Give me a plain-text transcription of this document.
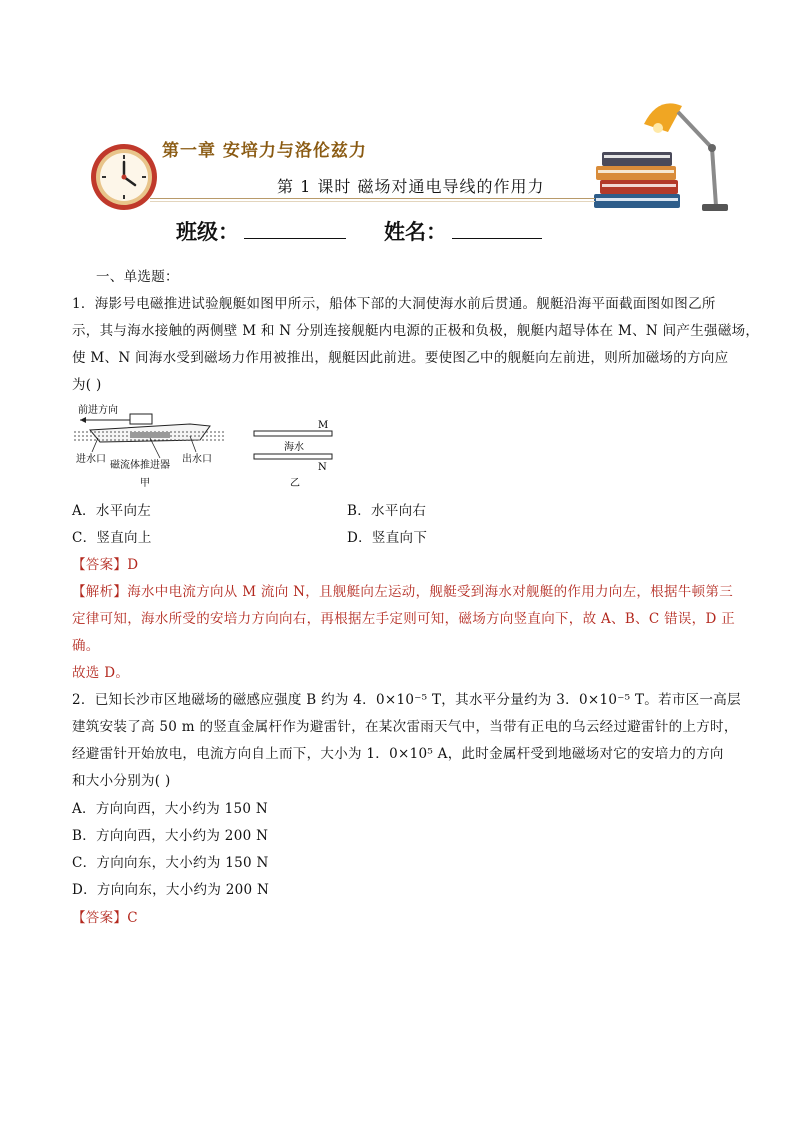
第一章 安培力与洛伦兹力
第 1 课时 磁场对通电导线的作用力
班级：	姓名：
一、单选题：
1．海影号电磁推进试验舰艇如图甲所示，船体下部的大洞使海水前后贯通。舰艇沿海平面截面图如图乙所
示，其与海水接触的两侧壁 M 和 N 分别连接舰艇内电源的正极和负极，舰艇内超导体在 M、N 间产生强磁场，
使 M、N 间海水受到磁场力作用被推出，舰艇因此前进。要使图乙中的舰艇向左前进，则所加磁场的方向应
为( )
前进方向
进水口
磁流体推进器
出水口
甲
M
海水
N
乙
A．水平向左	B．水平向右
C．竖直向上	D．竖直向下
【答案】D
【解析】海水中电流方向从 M 流向 N，且舰艇向左运动，舰艇受到海水对舰艇的作用力向左，根据牛顿第三
定律可知，海水所受的安培力方向向右，再根据左手定则可知，磁场方向竖直向下，故 A、B、C 错误，D 正
确。
故选 D。
2．已知长沙市区地磁场的磁感应强度 B 约为 4．0×10⁻⁵ T，其水平分量约为 3．0×10⁻⁵ T。若市区一高层
建筑安装了高 50 m 的竖直金属杆作为避雷针，在某次雷雨天气中，当带有正电的乌云经过避雷针的上方时，
经避雷针开始放电，电流方向自上而下，大小为 1．0×10⁵ A，此时金属杆受到地磁场对它的安培力的方向
和大小分别为( )
A．方向向西，大小约为 150 N
B．方向向西，大小约为 200 N
C．方向向东，大小约为 150 N
D．方向向东，大小约为 200 N
【答案】C
